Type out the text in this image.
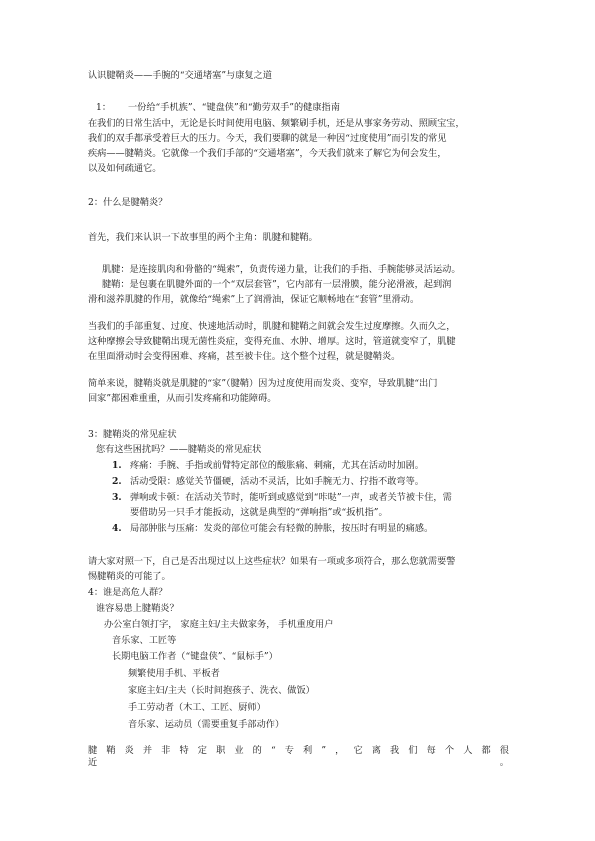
认识腱鞘炎——手腕的“交通堵塞”与康复之道
1： 一份给“手机族”、“键盘侠”和“勤劳双手”的健康指南
在我们的日常生活中，无论是长时间使用电脑、频繁刷手机，还是从事家务劳动、照顾宝宝，
我们的双手都承受着巨大的压力。今天，我们要聊的就是一种因“过度使用”而引发的常见
疾病——腱鞘炎。它就像一个我们手部的“交通堵塞”，今天我们就来了解它为何会发生，
以及如何疏通它。
2：什么是腱鞘炎？
首先，我们来认识一下故事里的两个主角：肌腱和腱鞘。
肌腱：是连接肌肉和骨骼的“绳索”，负责传递力量，让我们的手指、手腕能够灵活运动。
腱鞘：是包裹在肌腱外面的一个“双层套管”，它内部有一层滑膜，能分泌滑液，起到润
滑和滋养肌腱的作用，就像给“绳索”上了润滑油，保证它顺畅地在“套管”里滑动。
当我们的手部重复、过度、快速地活动时，肌腱和腱鞘之间就会发生过度摩擦。久而久之，
这种摩擦会导致腱鞘出现无菌性炎症，变得充血、水肿、增厚。这时，管道就变窄了，肌腱
在里面滑动时会变得困难、疼痛，甚至被卡住。这个整个过程，就是腱鞘炎。
简单来说，腱鞘炎就是肌腱的“家”（腱鞘）因为过度使用而发炎、变窄，导致肌腱“出门
回家”都困难重重，从而引发疼痛和功能障碍。
3：腱鞘炎的常见症状
您有这些困扰吗？——腱鞘炎的常见症状
1. 疼痛：手腕、手指或前臂特定部位的酸胀痛、刺痛，尤其在活动时加剧。
2. 活动受限：感觉关节僵硬，活动不灵活，比如手腕无力、拧指不敢弯等。
3. 弹响或卡顿：在活动关节时，能听到或感觉到“咔哒”一声，或者关节被卡住，需
要借助另一只手才能扳动，这就是典型的“弹响指”或“扳机指”。
4. 局部肿胀与压痛：发炎的部位可能会有轻微的肿胀，按压时有明显的痛感。
请大家对照一下，自己是否出现过以上这些症状？如果有一项或多项符合，那么您就需要警
惕腱鞘炎的可能了。
4：谁是高危人群？
谁容易患上腱鞘炎？
办公室白领打字， 家庭主妇/主夫做家务， 手机重度用户
音乐家、工匠等
长期电脑工作者（“键盘侠”、“鼠标手”）
频繁使用手机、平板者
家庭主妇/主夫（长时间抱孩子、洗衣、做饭）
手工劳动者（木工、工匠、厨师）
音乐家、运动员（需要重复手部动作）
腱鞘炎并非特定职业的“专利”，它离我们每个人都很近。
